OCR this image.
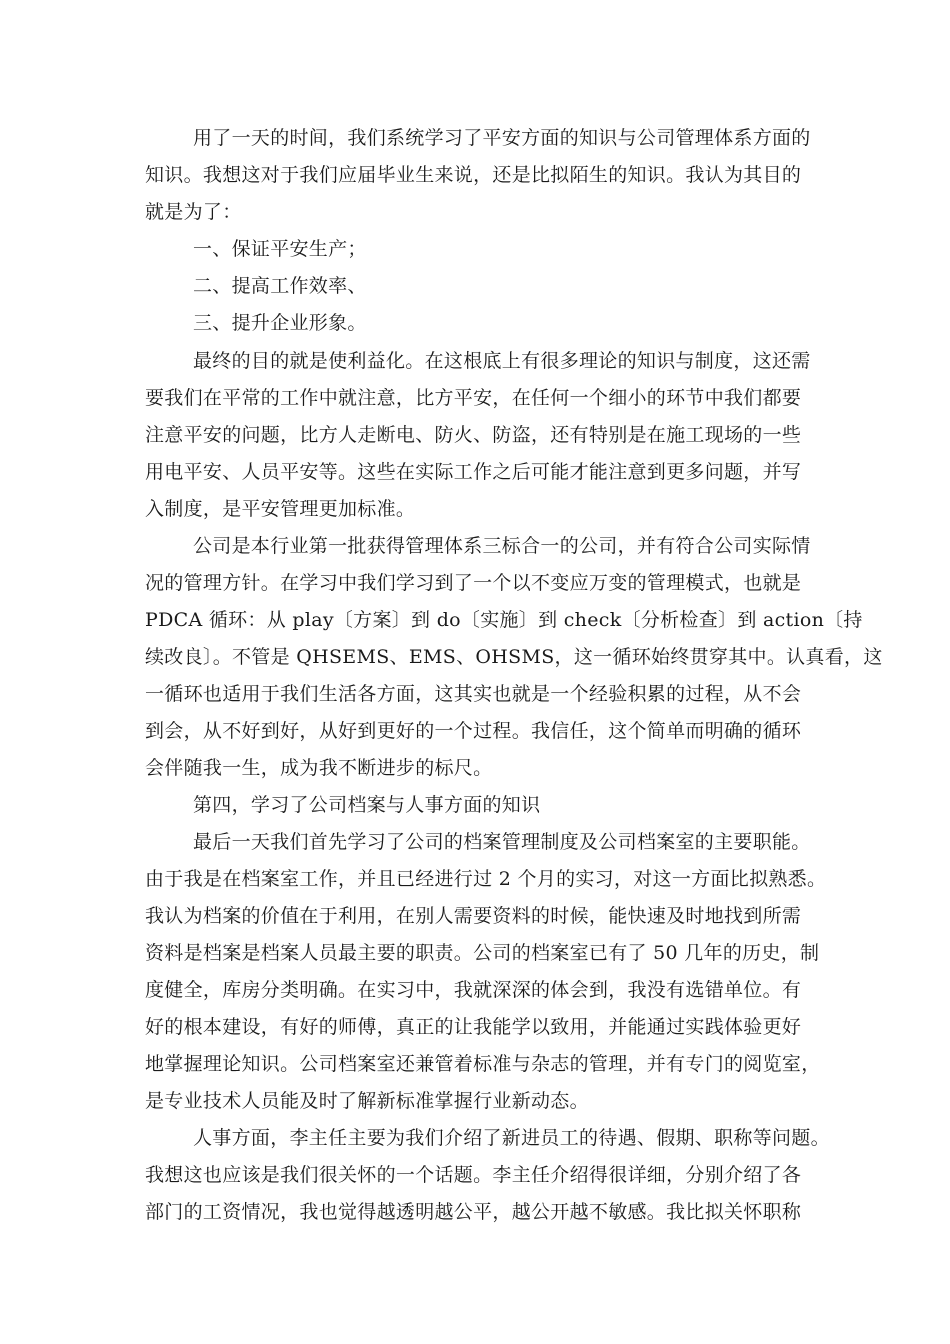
用了一天的时间，我们系统学习了平安方面的知识与公司管理体系方面的
知识。我想这对于我们应届毕业生来说，还是比拟陌生的知识。我认为其目的
就是为了：
一、保证平安生产；
二、提高工作效率、
三、提升企业形象。
最终的目的就是使利益化。在这根底上有很多理论的知识与制度，这还需
要我们在平常的工作中就注意，比方平安，在任何一个细小的环节中我们都要
注意平安的问题，比方人走断电、防火、防盗，还有特别是在施工现场的一些
用电平安、人员平安等。这些在实际工作之后可能才能注意到更多问题，并写
入制度，是平安管理更加标准。
公司是本行业第一批获得管理体系三标合一的公司，并有符合公司实际情
况的管理方针。在学习中我们学习到了一个以不变应万变的管理模式，也就是
PDCA 循环：从 play〔方案〕到 do〔实施〕到 check〔分析检查〕到 action〔持
续改良〕。不管是 QHSEMS、EMS、OHSMS，这一循环始终贯穿其中。认真看，这
一循环也适用于我们生活各方面，这其实也就是一个经验积累的过程，从不会
到会，从不好到好，从好到更好的一个过程。我信任，这个简单而明确的循环
会伴随我一生，成为我不断进步的标尺。
第四，学习了公司档案与人事方面的知识
最后一天我们首先学习了公司的档案管理制度及公司档案室的主要职能。
由于我是在档案室工作，并且已经进行过 2 个月的实习，对这一方面比拟熟悉。
我认为档案的价值在于利用，在别人需要资料的时候，能快速及时地找到所需
资料是档案是档案人员最主要的职责。公司的档案室已有了 50 几年的历史，制
度健全，库房分类明确。在实习中，我就深深的体会到，我没有选错单位。有
好的根本建设，有好的师傅，真正的让我能学以致用，并能通过实践体验更好
地掌握理论知识。公司档案室还兼管着标准与杂志的管理，并有专门的阅览室，
是专业技术人员能及时了解新标准掌握行业新动态。
人事方面，李主任主要为我们介绍了新进员工的待遇、假期、职称等问题。
我想这也应该是我们很关怀的一个话题。李主任介绍得很详细，分别介绍了各
部门的工资情况，我也觉得越透明越公平，越公开越不敏感。我比拟关怀职称
